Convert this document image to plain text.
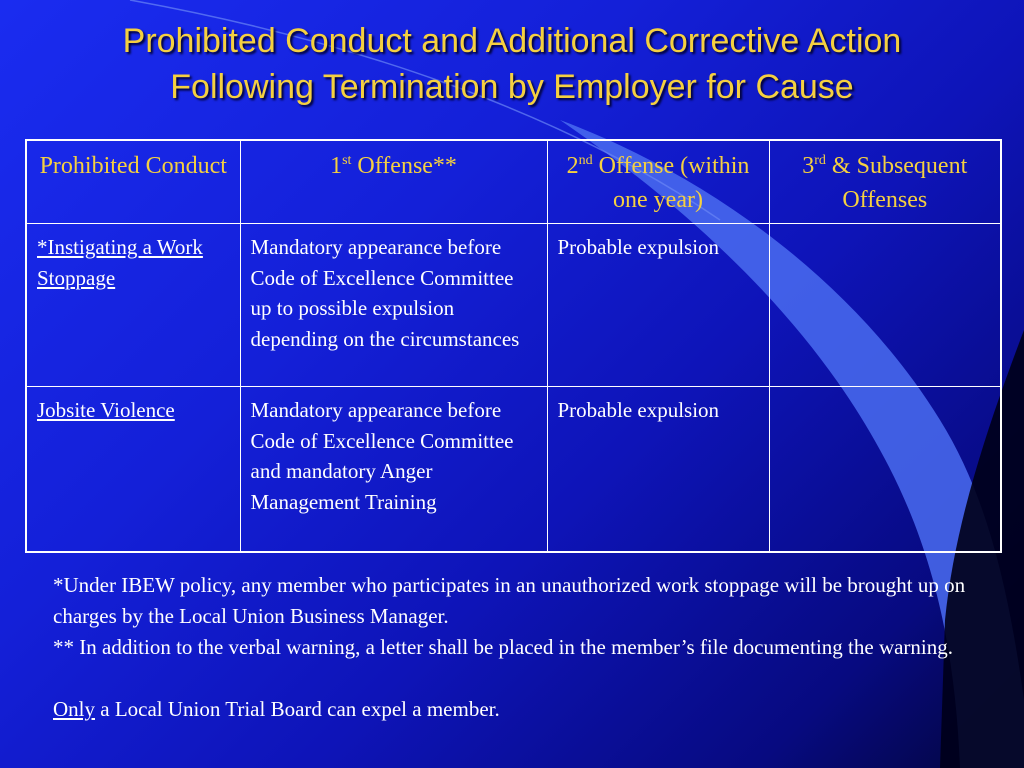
Prohibited Conduct and Additional Corrective Action
Following Termination by Employer for Cause
Prohibited Conduct	1st Offense**	2nd Offense (within one year)	3rd & Subsequent Offenses
*Instigating a Work Stoppage	Mandatory appearance before Code of Excellence Committee up to possible expulsion depending on the circumstances	Probable expulsion	
Jobsite Violence	Mandatory appearance before Code of Excellence Committee and mandatory Anger Management Training	Probable expulsion	

*Under IBEW policy, any member who participates in an unauthorized work stoppage will be brought up on charges by the Local Union Business Manager.

** In addition to the verbal warning, a letter shall be placed in the member’s file documenting the warning.

Only a Local Union Trial Board can expel a member.
